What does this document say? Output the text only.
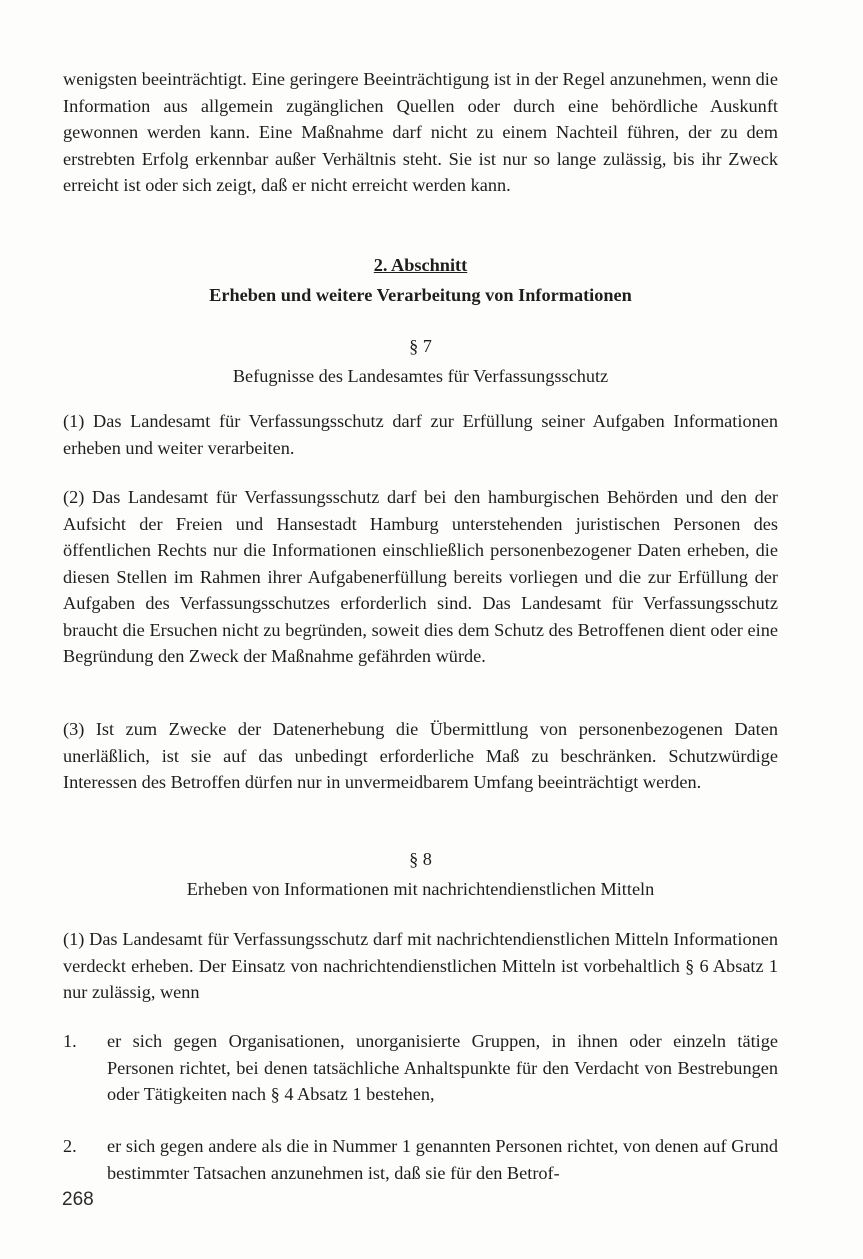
wenigsten beeinträchtigt. Eine geringere Beeinträchtigung ist in der Regel anzunehmen, wenn die Information aus allgemein zugänglichen Quellen oder durch eine behördliche Auskunft gewonnen werden kann. Eine Maßnahme darf nicht zu einem Nachteil führen, der zu dem erstrebten Erfolg erkennbar außer Verhältnis steht. Sie ist nur so lange zulässig, bis ihr Zweck erreicht ist oder sich zeigt, daß er nicht erreicht werden kann.

2. Abschnitt

Erheben und weitere Verarbeitung von Informationen

§ 7

Befugnisse des Landesamtes für Verfassungsschutz

(1) Das Landesamt für Verfassungsschutz darf zur Erfüllung seiner Aufgaben Informationen erheben und weiter verarbeiten.

(2) Das Landesamt für Verfassungsschutz darf bei den hamburgischen Behörden und den der Aufsicht der Freien und Hansestadt Hamburg unterstehenden juristischen Personen des öffentlichen Rechts nur die Informationen einschließlich personenbezogener Daten erheben, die diesen Stellen im Rahmen ihrer Aufgabenerfüllung bereits vorliegen und die zur Erfüllung der Aufgaben des Verfassungsschutzes erforderlich sind. Das Landesamt für Verfassungsschutz braucht die Ersuchen nicht zu begründen, soweit dies dem Schutz des Betroffenen dient oder eine Begründung den Zweck der Maßnahme gefährden würde.

(3) Ist zum Zwecke der Datenerhebung die Übermittlung von personenbezogenen Daten unerläßlich, ist sie auf das unbedingt erforderliche Maß zu beschränken. Schutzwürdige Interessen des Betroffen dürfen nur in unvermeidbarem Umfang beeinträchtigt werden.

§ 8

Erheben von Informationen mit nachrichtendienstlichen Mitteln

(1) Das Landesamt für Verfassungsschutz darf mit nachrichtendienstlichen Mitteln Informationen verdeckt erheben. Der Einsatz von nachrichtendienstlichen Mitteln ist vorbehaltlich § 6 Absatz 1 nur zulässig, wenn

1. er sich gegen Organisationen, unorganisierte Gruppen, in ihnen oder einzeln tätige Personen richtet, bei denen tatsächliche Anhaltspunkte für den Verdacht von Bestrebungen oder Tätigkeiten nach § 4 Absatz 1 bestehen,

2. er sich gegen andere als die in Nummer 1 genannten Personen richtet, von denen auf Grund bestimmter Tatsachen anzunehmen ist, daß sie für den Betrof-

268
